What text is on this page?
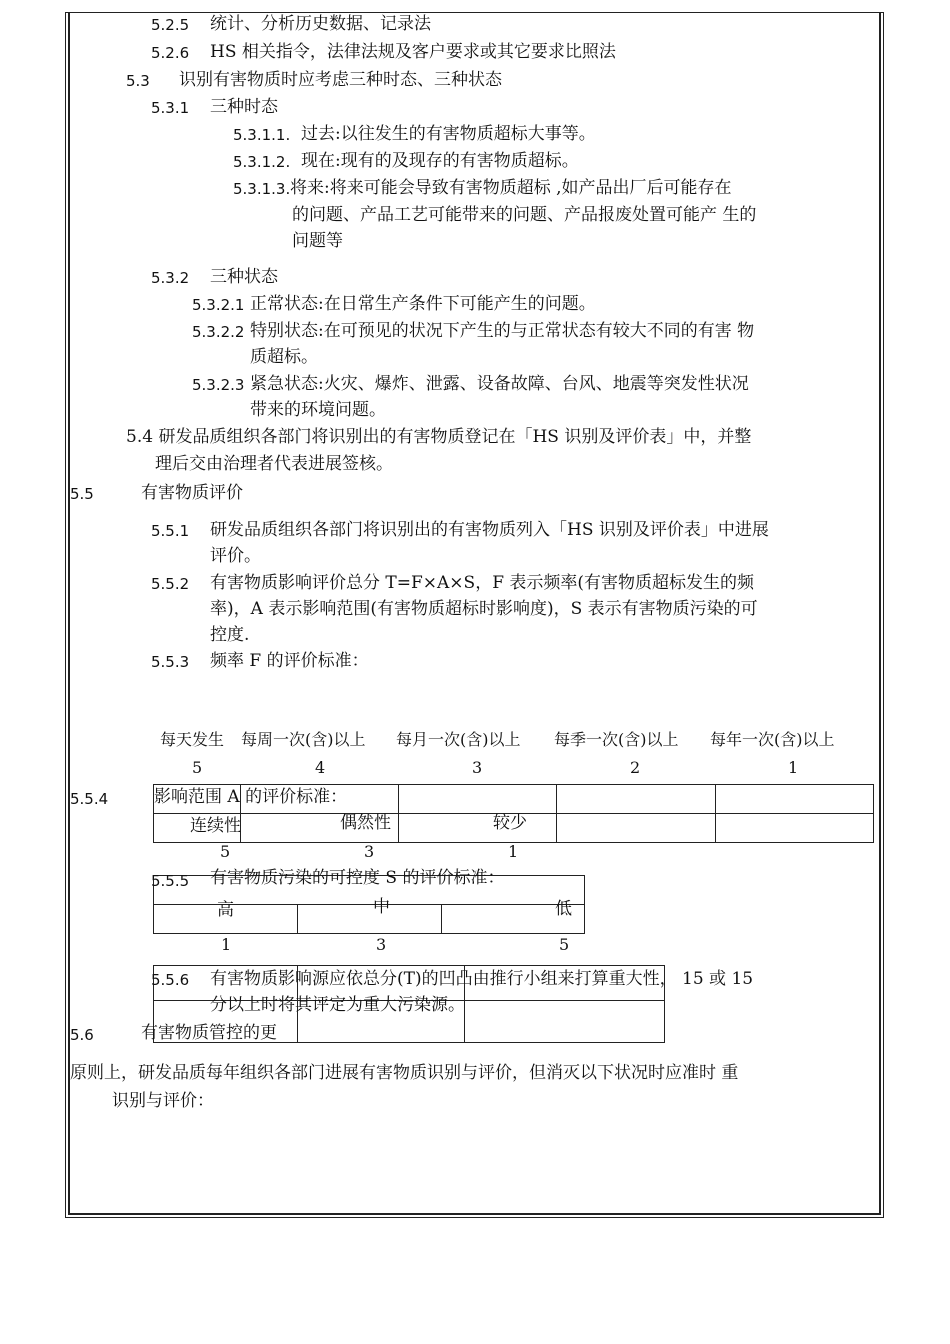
5.2.5 统计、分析历史数据、记录法
5.2.6 HS 相关指令，法律法规及客户要求或其它要求比照法
5.3 识别有害物质时应考虑三种时态、三种状态
5.3.1 三种时态
5.3.1.1. 过去:以往发生的有害物质超标大事等。
5.3.1.2. 现在:现有的及现存的有害物质超标。
5.3.1.3. 将来:将来可能会导致有害物质超标 ,如产品出厂后可能存在
的问题、产品工艺可能带来的问题、产品报废处置可能产 生的
问题等
5.3.2 三种状态
5.3.2.1 正常状态:在日常生产条件下可能产生的问题。
5.3.2.2 特别状态:在可预见的状况下产生的与正常状态有较大不同的有害 物
质超标。
5.3.2.3 紧急状态:火灾、爆炸、泄露、设备故障、台风、地震等突发性状况
带来的环境问题。
5.4 研发品质组织各部门将识别出的有害物质登记在「HS 识别及评价表」中，并整
理后交由治理者代表进展签核。
5.5	有害物质评价
5.5.1 研发品质组织各部门将识别出的有害物质列入「HS 识别及评价表」中进展
评价。
5.5.2 有害物质影响评价总分 T=F×A×S，F 表示频率(有害物质超标发生的频
率)，A 表示影响范围(有害物质超标时影响度)，S 表示有害物质污染的可
控度.
5.5.3 频率 F 的评价标准：
每天发生 每周一次(含)以上 每月一次(含)以上 每季一次(含)以上 每年一次(含)以上
5	4	3	2	1
5.5.4	影响范围 A 的评价标准：
连续性	偶然性	较少
5	3	1
5.5.5 有害物质污染的可控度 S 的评价标准：
高	中	低
1	3	5
5.5.6 有害物质影响源应依总分(T)的凹凸由推行小组来打算重大性， 15 或 15
分以上时将其评定为重大污染源。
5.6	有害物质管控的更
原则上，研发品质每年组织各部门进展有害物质识别与评价，但消灭以下状况时应准时 重
识别与评价：
